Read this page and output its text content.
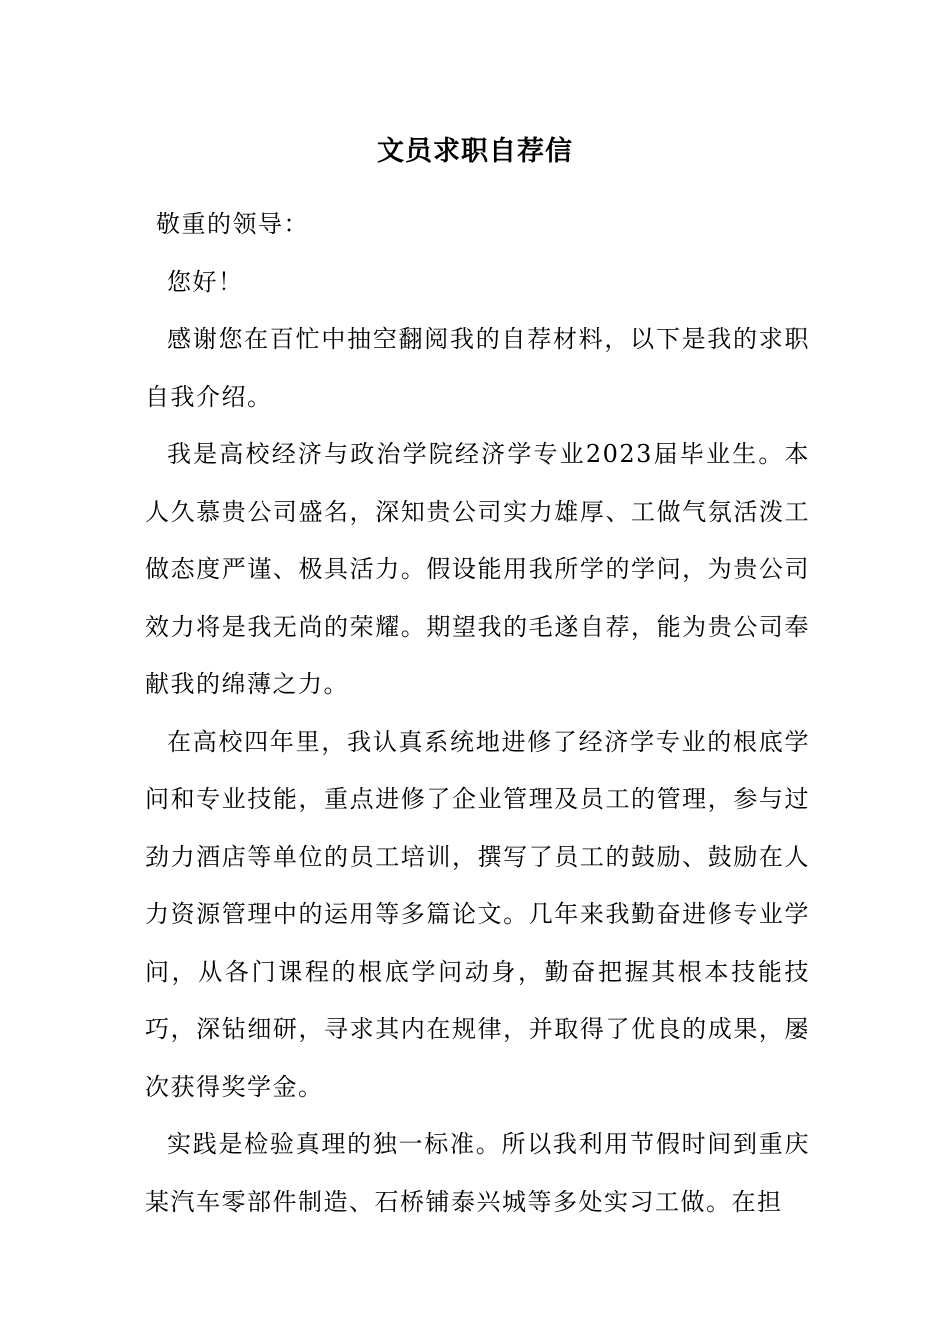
文员求职自荐信

敬重的领导：

您好！

感谢您在百忙中抽空翻阅我的自荐材料，以下是我的求职自我介绍。

我是高校经济与政治学院经济学专业2023届毕业生。本人久慕贵公司盛名，深知贵公司实力雄厚、工做气氛活泼工做态度严谨、极具活力。假设能用我所学的学问，为贵公司效力将是我无尚的荣耀。期望我的毛遂自荐，能为贵公司奉献我的绵薄之力。

在高校四年里，我认真系统地进修了经济学专业的根底学问和专业技能，重点进修了企业管理及员工的管理，参与过劲力酒店等单位的员工培训，撰写了员工的鼓励、鼓励在人力资源管理中的运用等多篇论文。几年来我勤奋进修专业学问，从各门课程的根底学问动身，勤奋把握其根本技能技巧，深钻细研，寻求其内在规律，并取得了优良的成果，屡次获得奖学金。

实践是检验真理的独一标准。所以我利用节假时间到重庆某汽车零部件制造、石桥铺泰兴城等多处实习工做。在担
